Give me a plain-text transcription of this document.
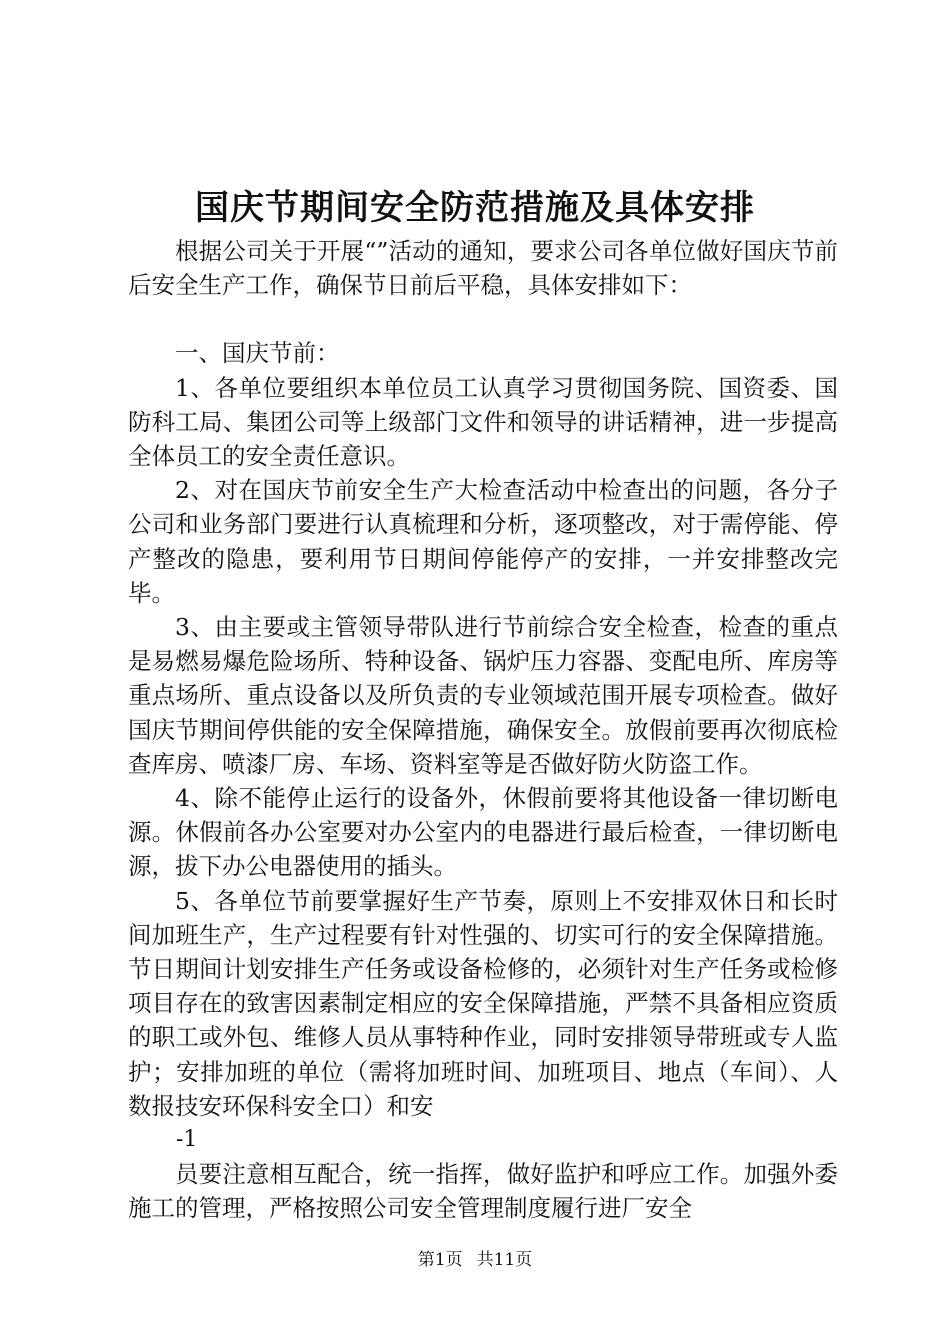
国庆节期间安全防范措施及具体安排

根据公司关于开展“”活动的通知，要求公司各单位做好国庆节前后安全生产工作，确保节日前后平稳，具体安排如下：

一、国庆节前：

1、各单位要组织本单位员工认真学习贯彻国务院、国资委、国防科工局、集团公司等上级部门文件和领导的讲话精神，进一步提高全体员工的安全责任意识。

2、对在国庆节前安全生产大检查活动中检查出的问题，各分子公司和业务部门要进行认真梳理和分析，逐项整改，对于需停能、停产整改的隐患，要利用节日期间停能停产的安排，一并安排整改完毕。

3、由主要或主管领导带队进行节前综合安全检查，检查的重点是易燃易爆危险场所、特种设备、锅炉压力容器、变配电所、库房等重点场所、重点设备以及所负责的专业领域范围开展专项检查。做好国庆节期间停供能的安全保障措施，确保安全。放假前要再次彻底检查库房、喷漆厂房、车场、资料室等是否做好防火防盗工作。

4、除不能停止运行的设备外，休假前要将其他设备一律切断电源。休假前各办公室要对办公室内的电器进行最后检查，一律切断电源，拔下办公电器使用的插头。

5、各单位节前要掌握好生产节奏，原则上不安排双休日和长时间加班生产，生产过程要有针对性强的、切实可行的安全保障措施。节日期间计划安排生产任务或设备检修的，必须针对生产任务或检修项目存在的致害因素制定相应的安全保障措施，严禁不具备相应资质的职工或外包、维修人员从事特种作业，同时安排领导带班或专人监护；安排加班的单位（需将加班时间、加班项目、地点（车间）、人数报技安环保科安全口）和安

-1

员要注意相互配合，统一指挥，做好监护和呼应工作。加强外委施工的管理，严格按照公司安全管理制度履行进厂安全

第1页 共11页
